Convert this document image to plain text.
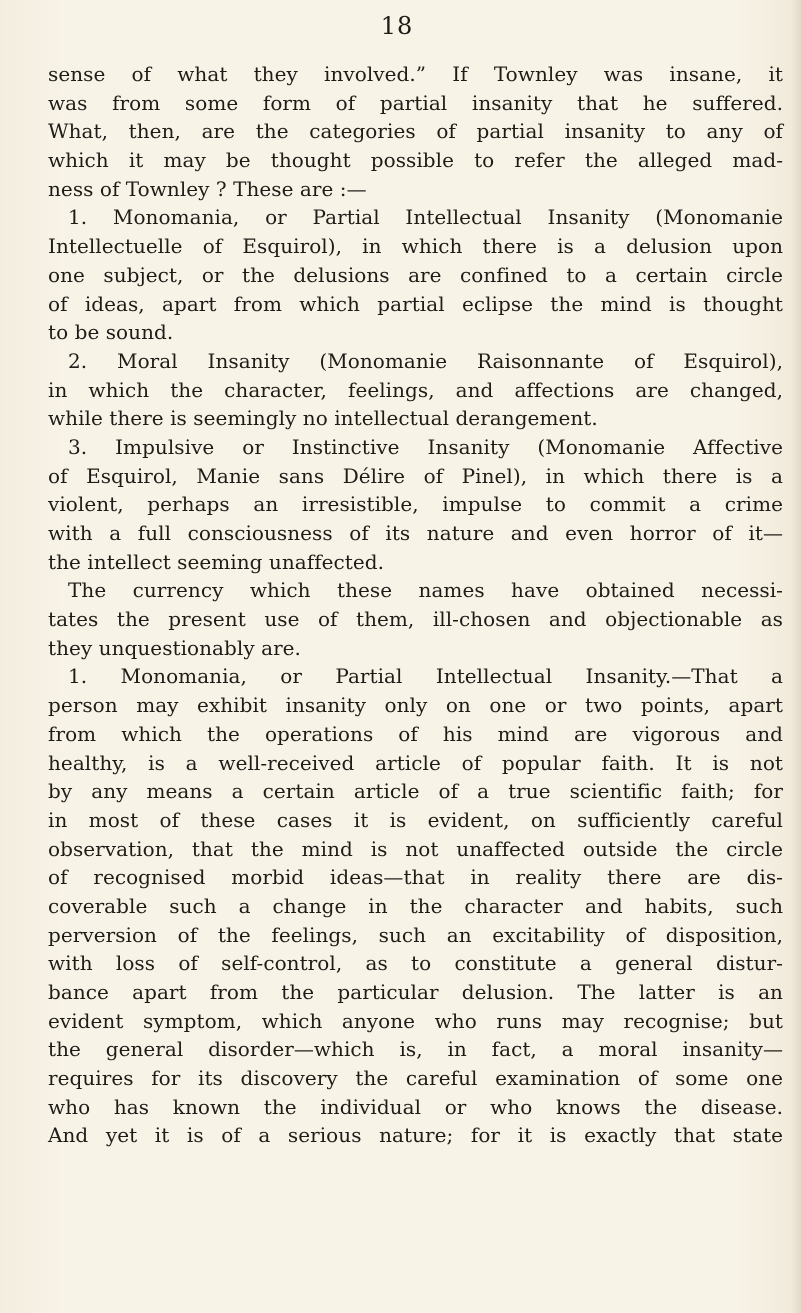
18
sense of what they involved.” If Townley was insane, it
was from some form of partial insanity that he suffered.
What, then, are the categories of partial insanity to any of
which it may be thought possible to refer the alleged mad-
ness of Townley ? These are :—
1. Monomania, or Partial Intellectual Insanity (Monomanie
Intellectuelle of Esquirol), in which there is a delusion upon
one subject, or the delusions are confined to a certain circle
of ideas, apart from which partial eclipse the mind is thought
to be sound.
2. Moral Insanity (Monomanie Raisonnante of Esquirol),
in which the character, feelings, and affections are changed,
while there is seemingly no intellectual derangement.
3. Impulsive or Instinctive Insanity (Monomanie Affective
of Esquirol, Manie sans Délire of Pinel), in which there is a
violent, perhaps an irresistible, impulse to commit a crime
with a full consciousness of its nature and even horror of it—
the intellect seeming unaffected.
The currency which these names have obtained necessi-
tates the present use of them, ill-chosen and objectionable as
they unquestionably are.
1. Monomania, or Partial Intellectual Insanity.—That a
person may exhibit insanity only on one or two points, apart
from which the operations of his mind are vigorous and
healthy, is a well-received article of popular faith. It is not
by any means a certain article of a true scientific faith; for
in most of these cases it is evident, on sufficiently careful
observation, that the mind is not unaffected outside the circle
of recognised morbid ideas—that in reality there are dis-
coverable such a change in the character and habits, such
perversion of the feelings, such an excitability of disposition,
with loss of self-control, as to constitute a general distur-
bance apart from the particular delusion. The latter is an
evident symptom, which anyone who runs may recognise; but
the general disorder—which is, in fact, a moral insanity—
requires for its discovery the careful examination of some one
who has known the individual or who knows the disease.
And yet it is of a serious nature; for it is exactly that state
